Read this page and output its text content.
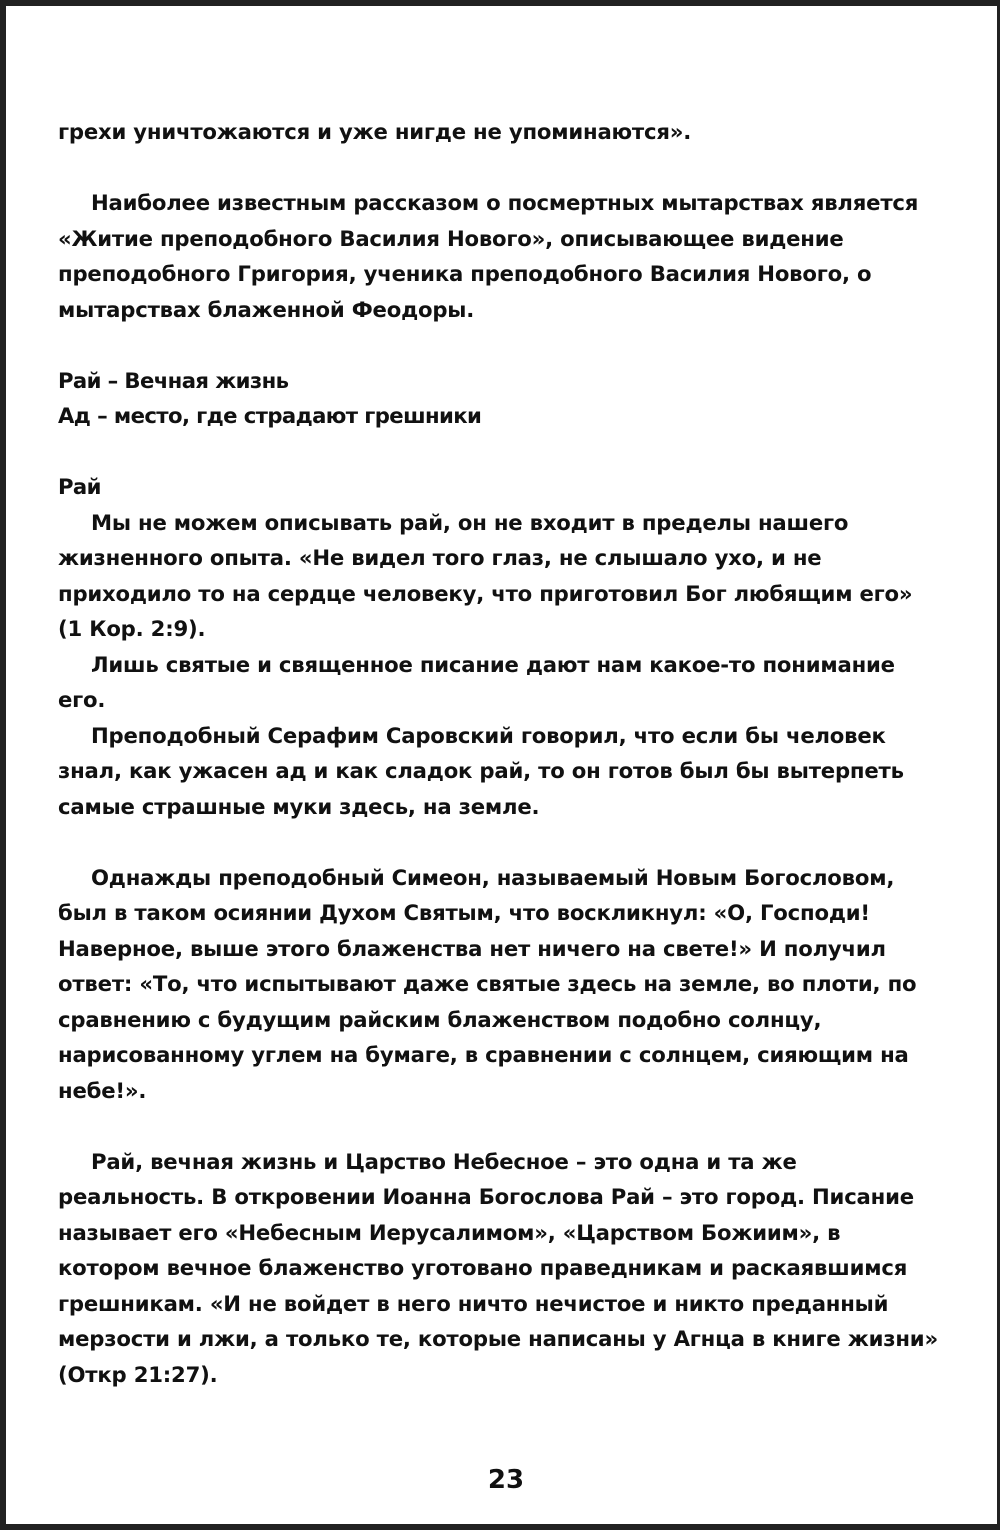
грехи уничтожаются и уже нигде не упоминаются».

Наиболее известным рассказом о посмертных мытарствах является
«Житие преподобного Василия Нового», описывающее видение
преподобного Григория, ученика преподобного Василия Нового, о
мытарствах блаженной Феодоры.

Рай – Вечная жизнь

Ад – место, где страдают грешники

Рай

Мы не можем описывать рай, он не входит в пределы нашего
жизненного опыта. «Не видел того глаз, не слышало ухо, и не
приходило то на сердце человеку, что приготовил Бог любящим его»
(1 Кор. 2:9).

Лишь святые и священное писание дают нам какое-то понимание
его.

Преподобный Серафим Саровский говорил, что если бы человек
знал, как ужасен ад и как сладок рай, то он готов был бы вытерпеть
самые страшные муки здесь, на земле.

Однажды преподобный Симеон, называемый Новым Богословом,
был в таком осиянии Духом Святым, что воскликнул: «О, Господи!
Наверное, выше этого блаженства нет ничего на свете!» И получил
ответ: «То, что испытывают даже святые здесь на земле, во плоти, по
сравнению с будущим райским блаженством подобно солнцу,
нарисованному углем на бумаге, в сравнении с солнцем, сияющим на
небе!».

Рай, вечная жизнь и Царство Небесное – это одна и та же
реальность. В откровении Иоанна Богослова Рай – это город. Писание
называет его «Небесным Иерусалимом», «Царством Божиим», в
котором вечное блаженство уготовано праведникам и раскаявшимся
грешникам. «И не войдет в него ничто нечистое и никто преданный
мерзости и лжи, а только те, которые написаны у Агнца в книге жизни»
(Откр 21:27).

23
